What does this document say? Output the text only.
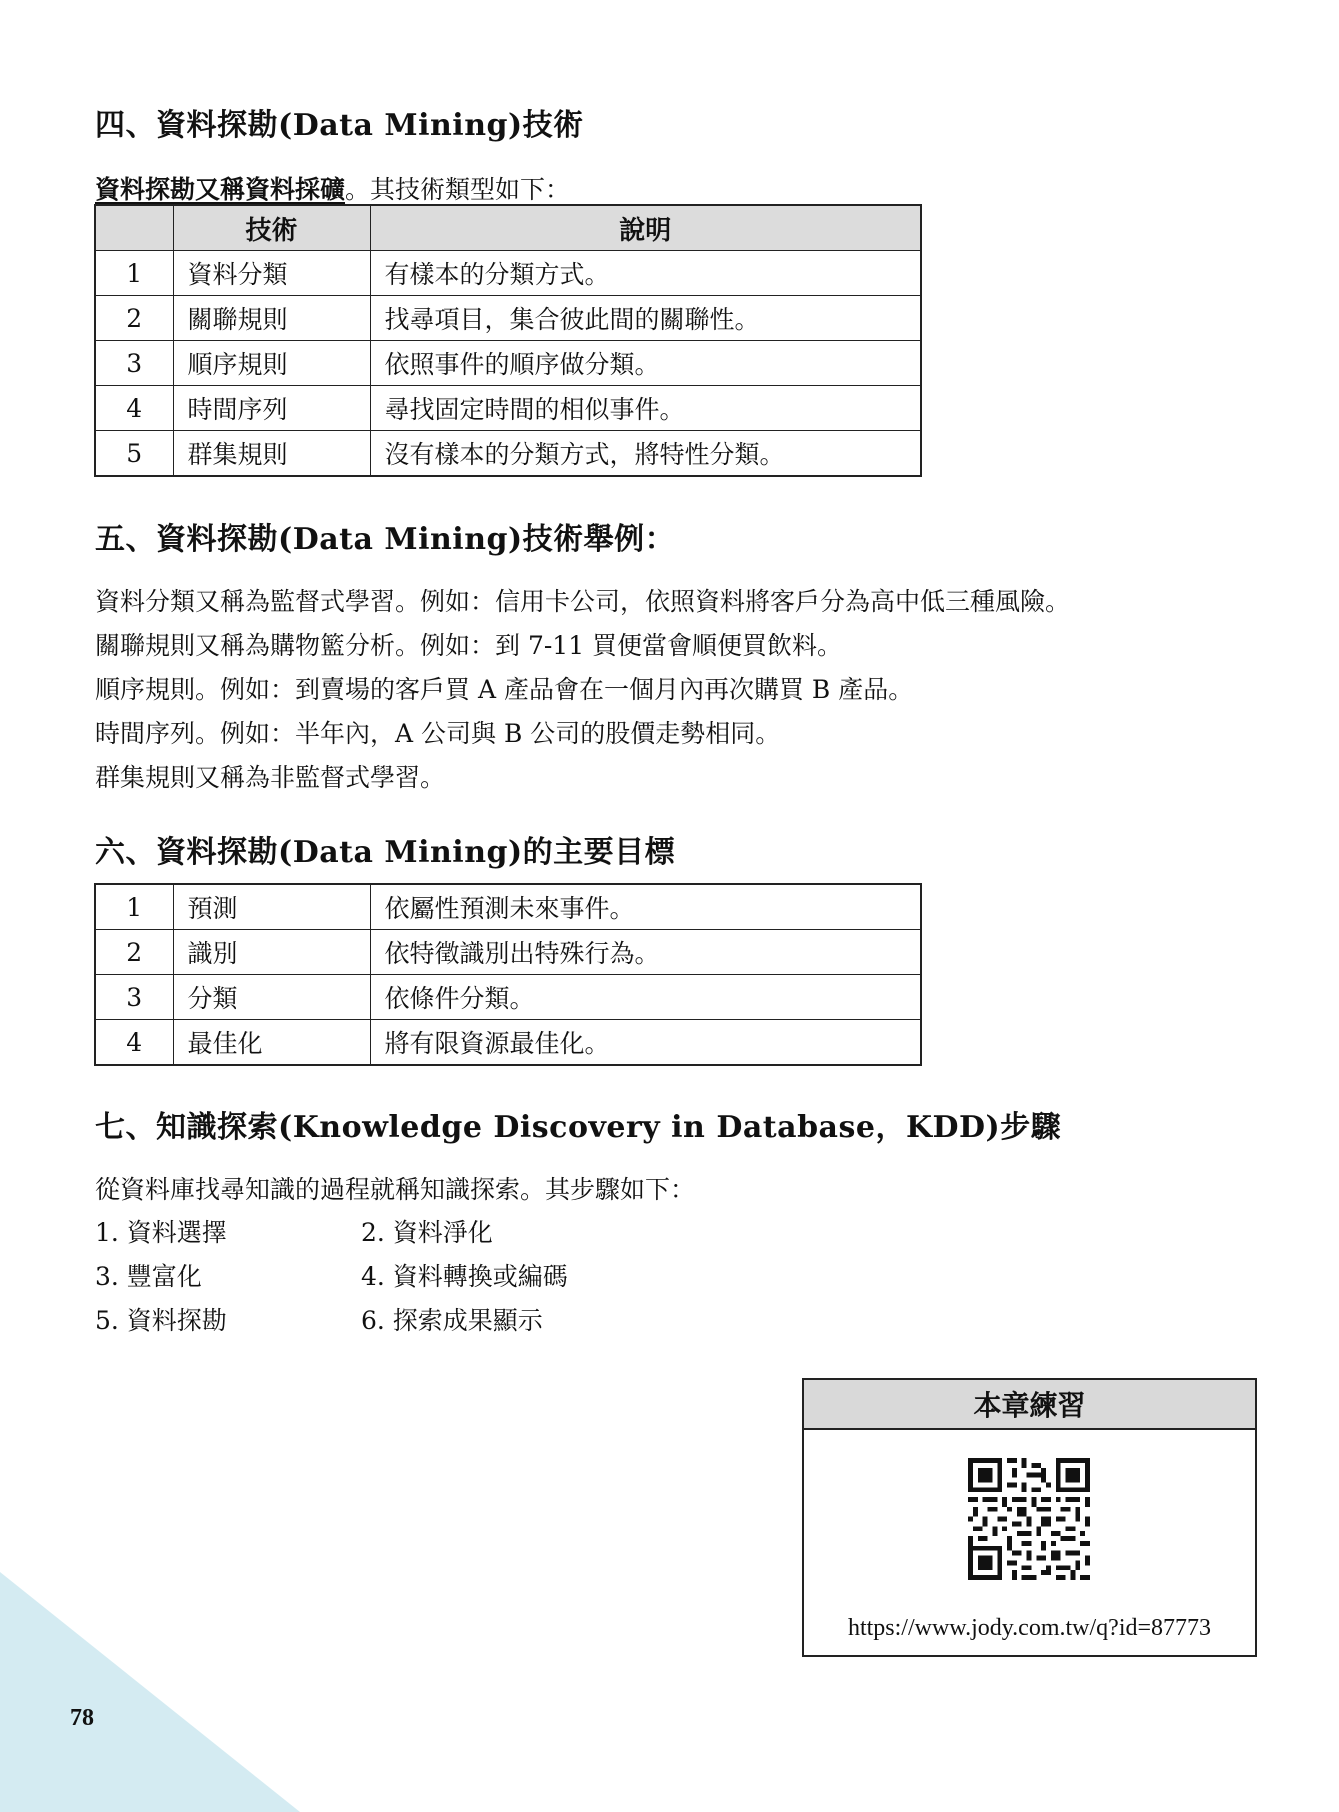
四、資料探勘(Data Mining)技術
資料探勘又稱資料採礦。其技術類型如下：
	技術	說明
1	資料分類	有樣本的分類方式。
2	關聯規則	找尋項目，集合彼此間的關聯性。
3	順序規則	依照事件的順序做分類。
4	時間序列	尋找固定時間的相似事件。
5	群集規則	沒有樣本的分類方式，將特性分類。
五、資料探勘(Data Mining)技術舉例：
資料分類又稱為監督式學習。例如：信用卡公司，依照資料將客戶分為高中低三種風險。
關聯規則又稱為購物籃分析。例如：到 7-11 買便當會順便買飲料。
順序規則。例如：到賣場的客戶買 A 產品會在一個月內再次購買 B 產品。
時間序列。例如：半年內，A 公司與 B 公司的股價走勢相同。
群集規則又稱為非監督式學習。
六、資料探勘(Data Mining)的主要目標
1	預測	依屬性預測未來事件。
2	識別	依特徵識別出特殊行為。
3	分類	依條件分類。
4	最佳化	將有限資源最佳化。
七、知識探索(Knowledge Discovery in Database，KDD)步驟
從資料庫找尋知識的過程就稱知識探索。其步驟如下：
1. 資料選擇	2. 資料淨化
3. 豐富化	4. 資料轉換或編碼
5. 資料探勘	6. 探索成果顯示
本章練習
https://www.jody.com.tw/q?id=87773
78
